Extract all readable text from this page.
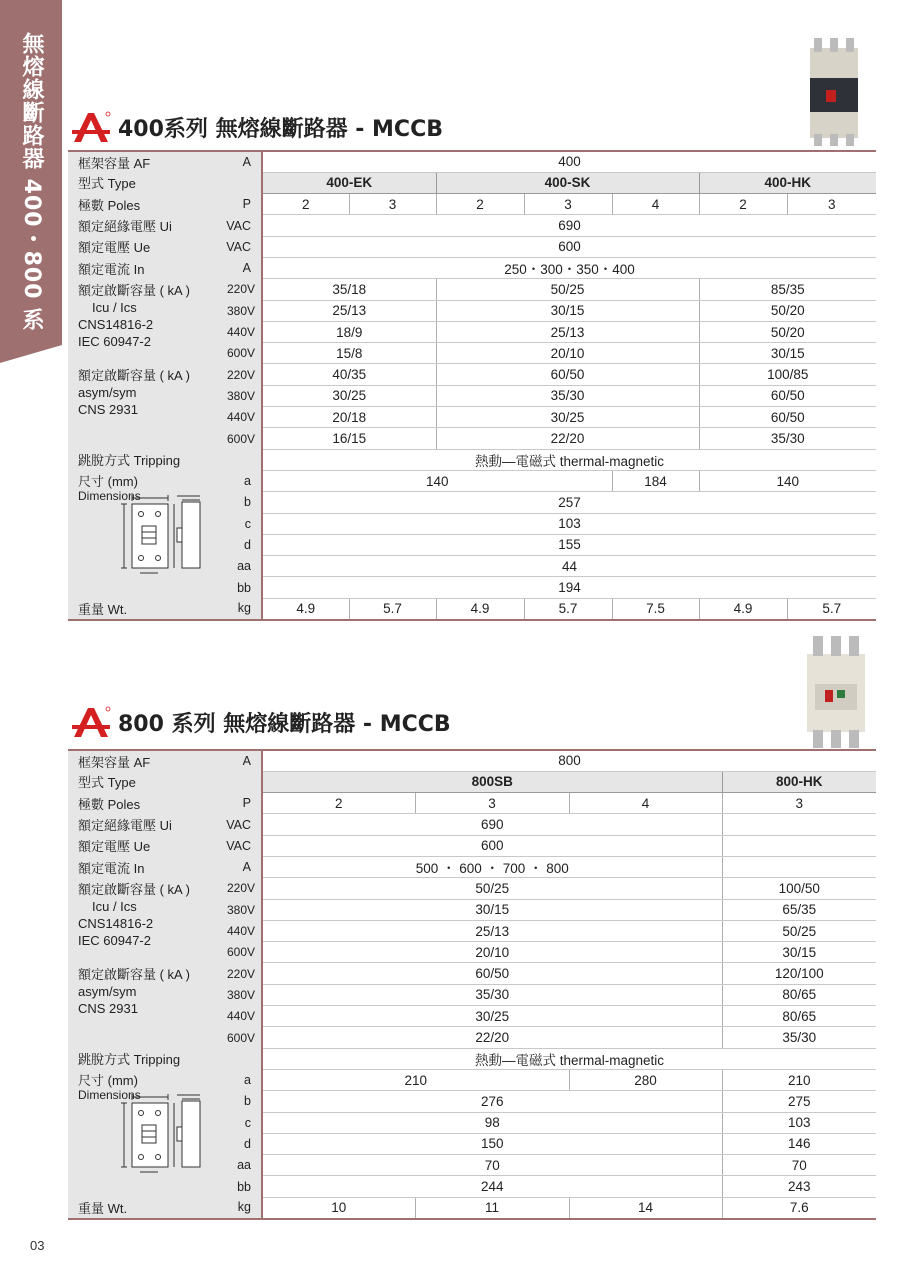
無熔線斷路器 400・800 系
400系列 無熔線斷路器 - MCCB
框架容量 AF	A	400						
型式 Type		400-EK		400-SK			400-HK	
極數 Poles	P	2	3	2	3	4	2	3
額定絕緣電壓 Ui	VAC	690						
額定電壓 Ue	VAC	600						
額定電流 In	A	250・300・350・400						

額定啟斷容量 ( kA )
Icu / Ics
CNS14816-2
IEC 60947-2	220V	35/18		50/25			85/35	
	380V	25/13		30/15			50/20	
	440V	18/9		25/13			50/20	
	600V	15/8		20/10			30/15	

額定啟斷容量 ( kA )
asym/sym
CNS 2931	220V	40/35		60/50			100/85	
	380V	30/25		35/30			60/50	
	440V	20/18		30/25			60/50	
	600V	16/15		22/20			35/30	
跳脫方式 Tripping		熱動—電磁式 thermal-magnetic						

尺寸 (mm)
Dimensions	a	140				184	140	
	b	257						
	c	103						
	d	155						
	aa	44						
	bb	194						
重量 Wt.	kg	4.9	5.7	4.9	5.7	7.5	4.9	5.7
800 系列 無熔線斷路器 - MCCB
框架容量 AF	A	800			
型式 Type		800SB			800-HK
極數 Poles	P	2	3	4	3
額定絕緣電壓 Ui	VAC	690			
額定電壓 Ue	VAC	600			
額定電流 In	A	500 ・ 600 ・ 700 ・ 800			

額定啟斷容量 ( kA )
Icu / Ics
CNS14816-2
IEC 60947-2	220V	50/25			100/50
	380V	30/15			65/35
	440V	25/13			50/25
	600V	20/10			30/15

額定啟斷容量 ( kA )
asym/sym
CNS 2931	220V	60/50			120/100
	380V	35/30			80/65
	440V	30/25			80/65
	600V	22/20			35/30
跳脫方式 Tripping		熱動—電磁式 thermal-magnetic			

尺寸 (mm)
Dimensions	a	210		280	210
	b	276			275
	c	98			103
	d	150			146
	aa	70			70
	bb	244			243
重量 Wt.	kg	10	11	14	7.6
03
